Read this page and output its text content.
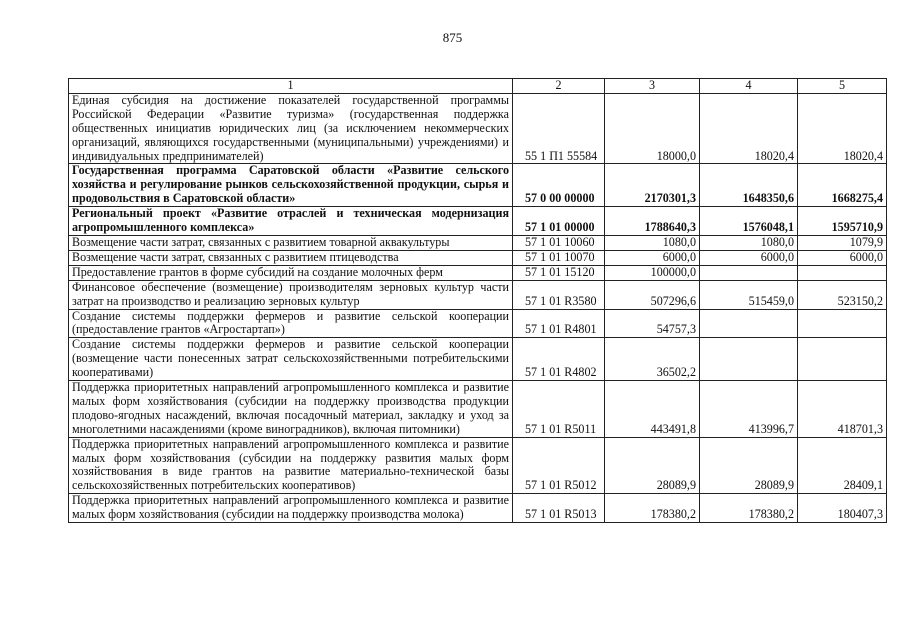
875
1	2	3	4	5
Единая субсидия на достижение показателей государственной программы Российской Федерации «Развитие туризма» (государственная поддержка общественных инициатив юридических лиц (за исключением некоммерческих организаций, являющихся государственными (муниципальными) учреждениями) и индивидуальных предпринимателей)	55 1 П1 55584	18000,0	18020,4	18020,4
Государственная программа Саратовской области «Развитие сельского хозяйства и регулирование рынков сельскохозяйственной продукции, сырья и продовольствия в Саратовской области»	57 0 00 00000	2170301,3	1648350,6	1668275,4
Региональный проект «Развитие отраслей и техническая модернизация агропромышленного комплекса»	57 1 01 00000	1788640,3	1576048,1	1595710,9
Возмещение части затрат, связанных с развитием товарной аквакультуры	57 1 01 10060	1080,0	1080,0	1079,9
Возмещение части затрат, связанных с развитием птицеводства	57 1 01 10070	6000,0	6000,0	6000,0
Предоставление грантов в форме субсидий на создание молочных ферм	57 1 01 15120	100000,0		
Финансовое обеспечение (возмещение) производителям зерновых культур части затрат на производство и реализацию зерновых культур	57 1 01 R3580	507296,6	515459,0	523150,2
Создание системы поддержки фермеров и развитие сельской кооперации (предоставление грантов «Агростартап»)	57 1 01 R4801	54757,3		
Создание системы поддержки фермеров и развитие сельской кооперации (возмещение части понесенных затрат сельскохозяйственными потребительскими кооперативами)	57 1 01 R4802	36502,2		
Поддержка приоритетных направлений агропромышленного комплекса и развитие малых форм хозяйствования (субсидии на поддержку производства продукции плодово-ягодных насаждений, включая посадочный материал, закладку и уход за многолетними насаждениями (кроме виноградников), включая питомники)	57 1 01 R5011	443491,8	413996,7	418701,3
Поддержка приоритетных направлений агропромышленного комплекса и развитие малых форм хозяйствования (субсидии на поддержку развития малых форм хозяйствования в виде грантов на развитие материально-технической базы сельскохозяйственных потребительских кооперативов)	57 1 01 R5012	28089,9	28089,9	28409,1
Поддержка приоритетных направлений агропромышленного комплекса и развитие малых форм хозяйствования (субсидии на поддержку производства молока)	57 1 01 R5013	178380,2	178380,2	180407,3
